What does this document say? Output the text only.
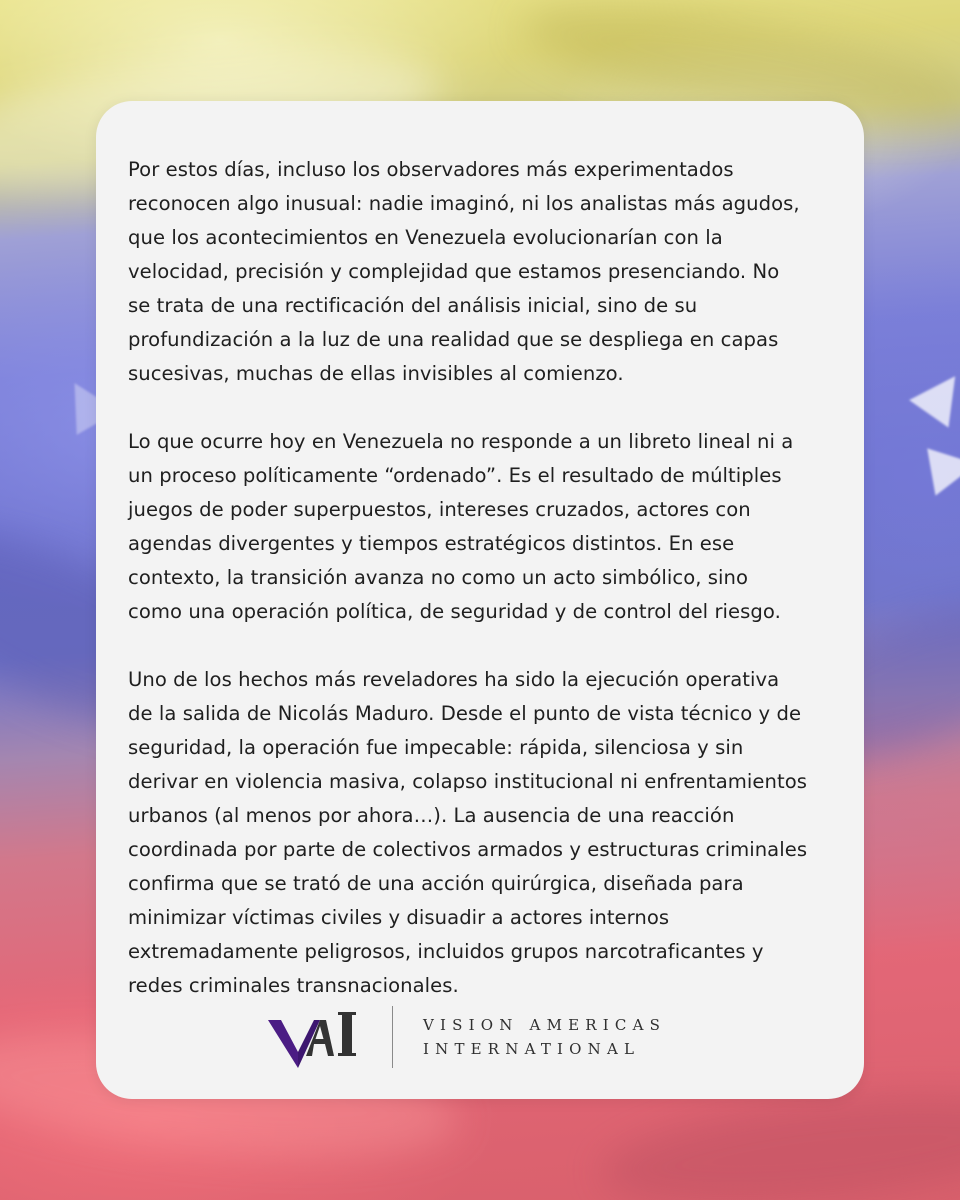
Por estos días, incluso los observadores más experimentados
reconocen algo inusual: nadie imaginó, ni los analistas más agudos,
que los acontecimientos en Venezuela evolucionarían con la
velocidad, precisión y complejidad que estamos presenciando. No
se trata de una rectificación del análisis inicial, sino de su
profundización a la luz de una realidad que se despliega en capas
sucesivas, muchas de ellas invisibles al comienzo.

Lo que ocurre hoy en Venezuela no responde a un libreto lineal ni a
un proceso políticamente “ordenado”. Es el resultado de múltiples
juegos de poder superpuestos, intereses cruzados, actores con
agendas divergentes y tiempos estratégicos distintos. En ese
contexto, la transición avanza no como un acto simbólico, sino
como una operación política, de seguridad y de control del riesgo.

Uno de los hechos más reveladores ha sido la ejecución operativa
de la salida de Nicolás Maduro. Desde el punto de vista técnico y de
seguridad, la operación fue impecable: rápida, silenciosa y sin
derivar en violencia masiva, colapso institucional ni enfrentamientos
urbanos (al menos por ahora…). La ausencia de una reacción
coordinada por parte de colectivos armados y estructuras criminales
confirma que se trató de una acción quirúrgica, diseñada para
minimizar víctimas civiles y disuadir a actores internos
extremadamente peligrosos, incluidos grupos narcotraficantes y
redes criminales transnacionales.

VISION AMERICAS
INTERNATIONAL
